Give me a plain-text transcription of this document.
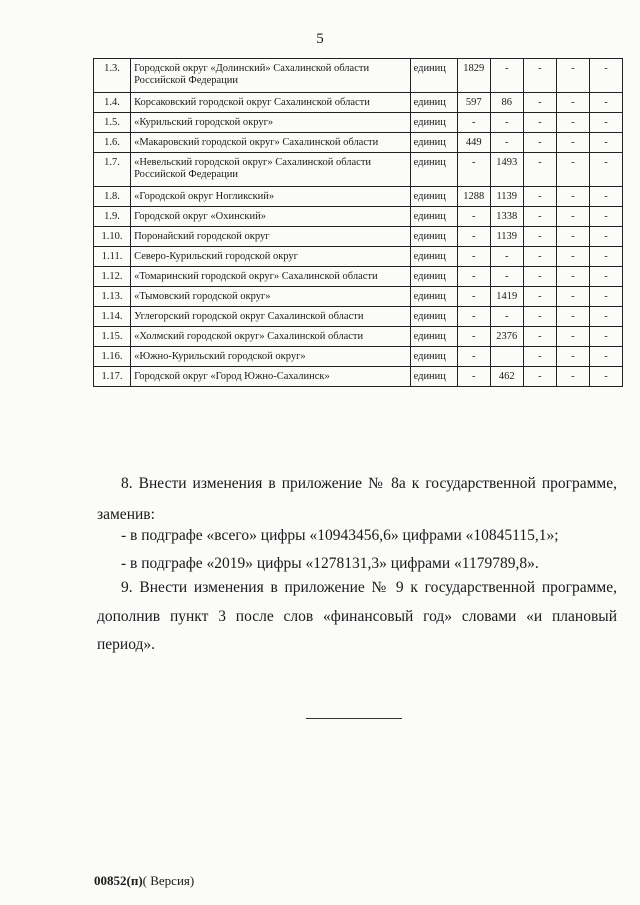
5
1.3.	Городской округ «Долинский» Сахалинской области Российской Федерации	единиц	1829	-	-	-	-
1.4.	Корсаковский городской округ Сахалинской области	единиц	597	86	-	-	-
1.5.	«Курильский городской округ»	единиц	-	-	-	-	-
1.6.	«Макаровский городской округ» Сахалинской области	единиц	449	-	-	-	-
1.7.	«Невельский городской округ» Сахалинской области Российской Федерации	единиц	-	1493	-	-	-
1.8.	«Городской округ Ногликский»	единиц	1288	1139	-	-	-
1.9.	Городской округ «Охинский»	единиц	-	1338	-	-	-
1.10.	Поронайский городской округ	единиц	-	1139	-	-	-
1.11.	Северо-Курильский городской округ	единиц	-	-	-	-	-
1.12.	«Томаринский городской округ» Сахалинской области	единиц	-	-	-	-	-
1.13.	«Тымовский городской округ»	единиц	-	1419	-	-	-
1.14.	Углегорский городской округ Сахалинской области	единиц	-	-	-	-	-
1.15.	«Холмский городской округ» Сахалинской области	единиц	-	2376	-	-	-
1.16.	«Южно-Курильский городской округ»	единиц	-		-	-	-
1.17.	Городской округ «Город Южно-Сахалинск»	единиц	-	462	-	-	-
8. Внести изменения в приложение № 8а к государственной программе,
заменив:
- в подграфе «всего» цифры «10943456,6» цифрами «10845115,1»;
- в подграфе «2019» цифры «1278131,3» цифрами «1179789,8».
9. Внести изменения в приложение № 9 к государственной программе,
дополнив пункт 3 после слов «финансовый год» словами «и плановый
период».
00852(п)( Версия)
